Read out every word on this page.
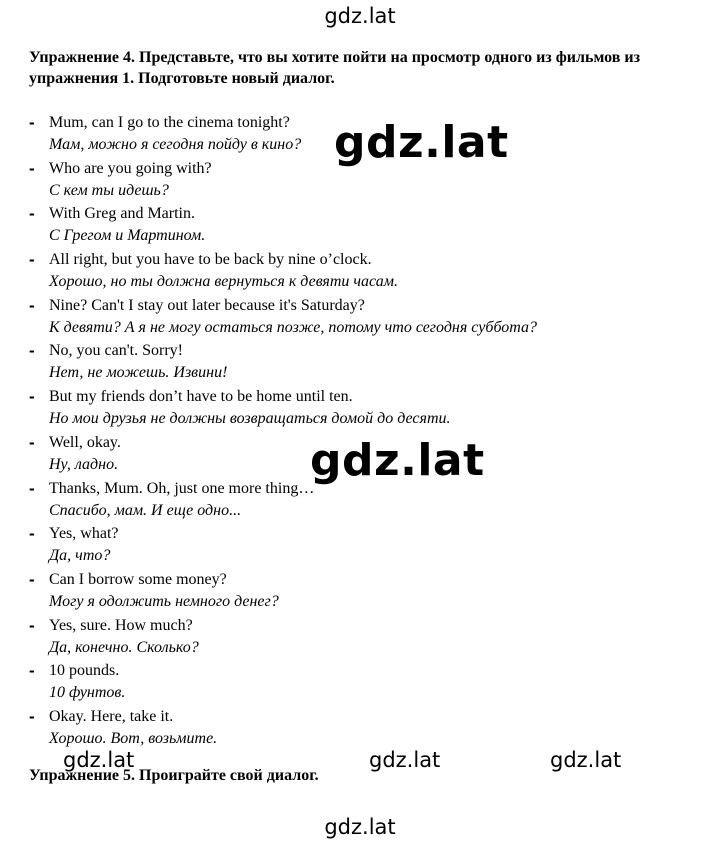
gdz.lat
Упражнение 4. Представьте, что вы хотите пойти на просмотр одного из фильмов из упражнения 1. Подготовьте новый диалог.
- Mum, can I go to the cinema tonight?
Мам, можно я сегодня пойду в кино?
- Who are you going with?
С кем ты идешь?
- With Greg and Martin.
С Грегом и Мартином.
- All right, but you have to be back by nine o’clock.
Хорошо, но ты должна вернуться к девяти часам.
- Nine? Can't I stay out later because it's Saturday?
К девяти? А я не могу остаться позже, потому что сегодня суббота?
- No, you can't. Sorry!
Нет, не можешь. Извини!
- But my friends don’t have to be home until ten.
Но мои друзья не должны возвращаться домой до десяти.
- Well, okay.
Ну, ладно.
- Thanks, Mum. Oh, just one more thing…
Спасибо, мам. И еще одно...
- Yes, what?
Да, что?
- Can I borrow some money?
Могу я одолжить немного денег?
- Yes, sure. How much?
Да, конечно. Сколько?
- 10 pounds.
10 фунтов.
- Okay. Here, take it.
Хорошо. Вот, возьмите.
gdz.lat
gdz.lat
gdz.lat	gdz.lat	gdz.lat
Упражнение 5. Проиграйте свой диалог.
gdz.lat
